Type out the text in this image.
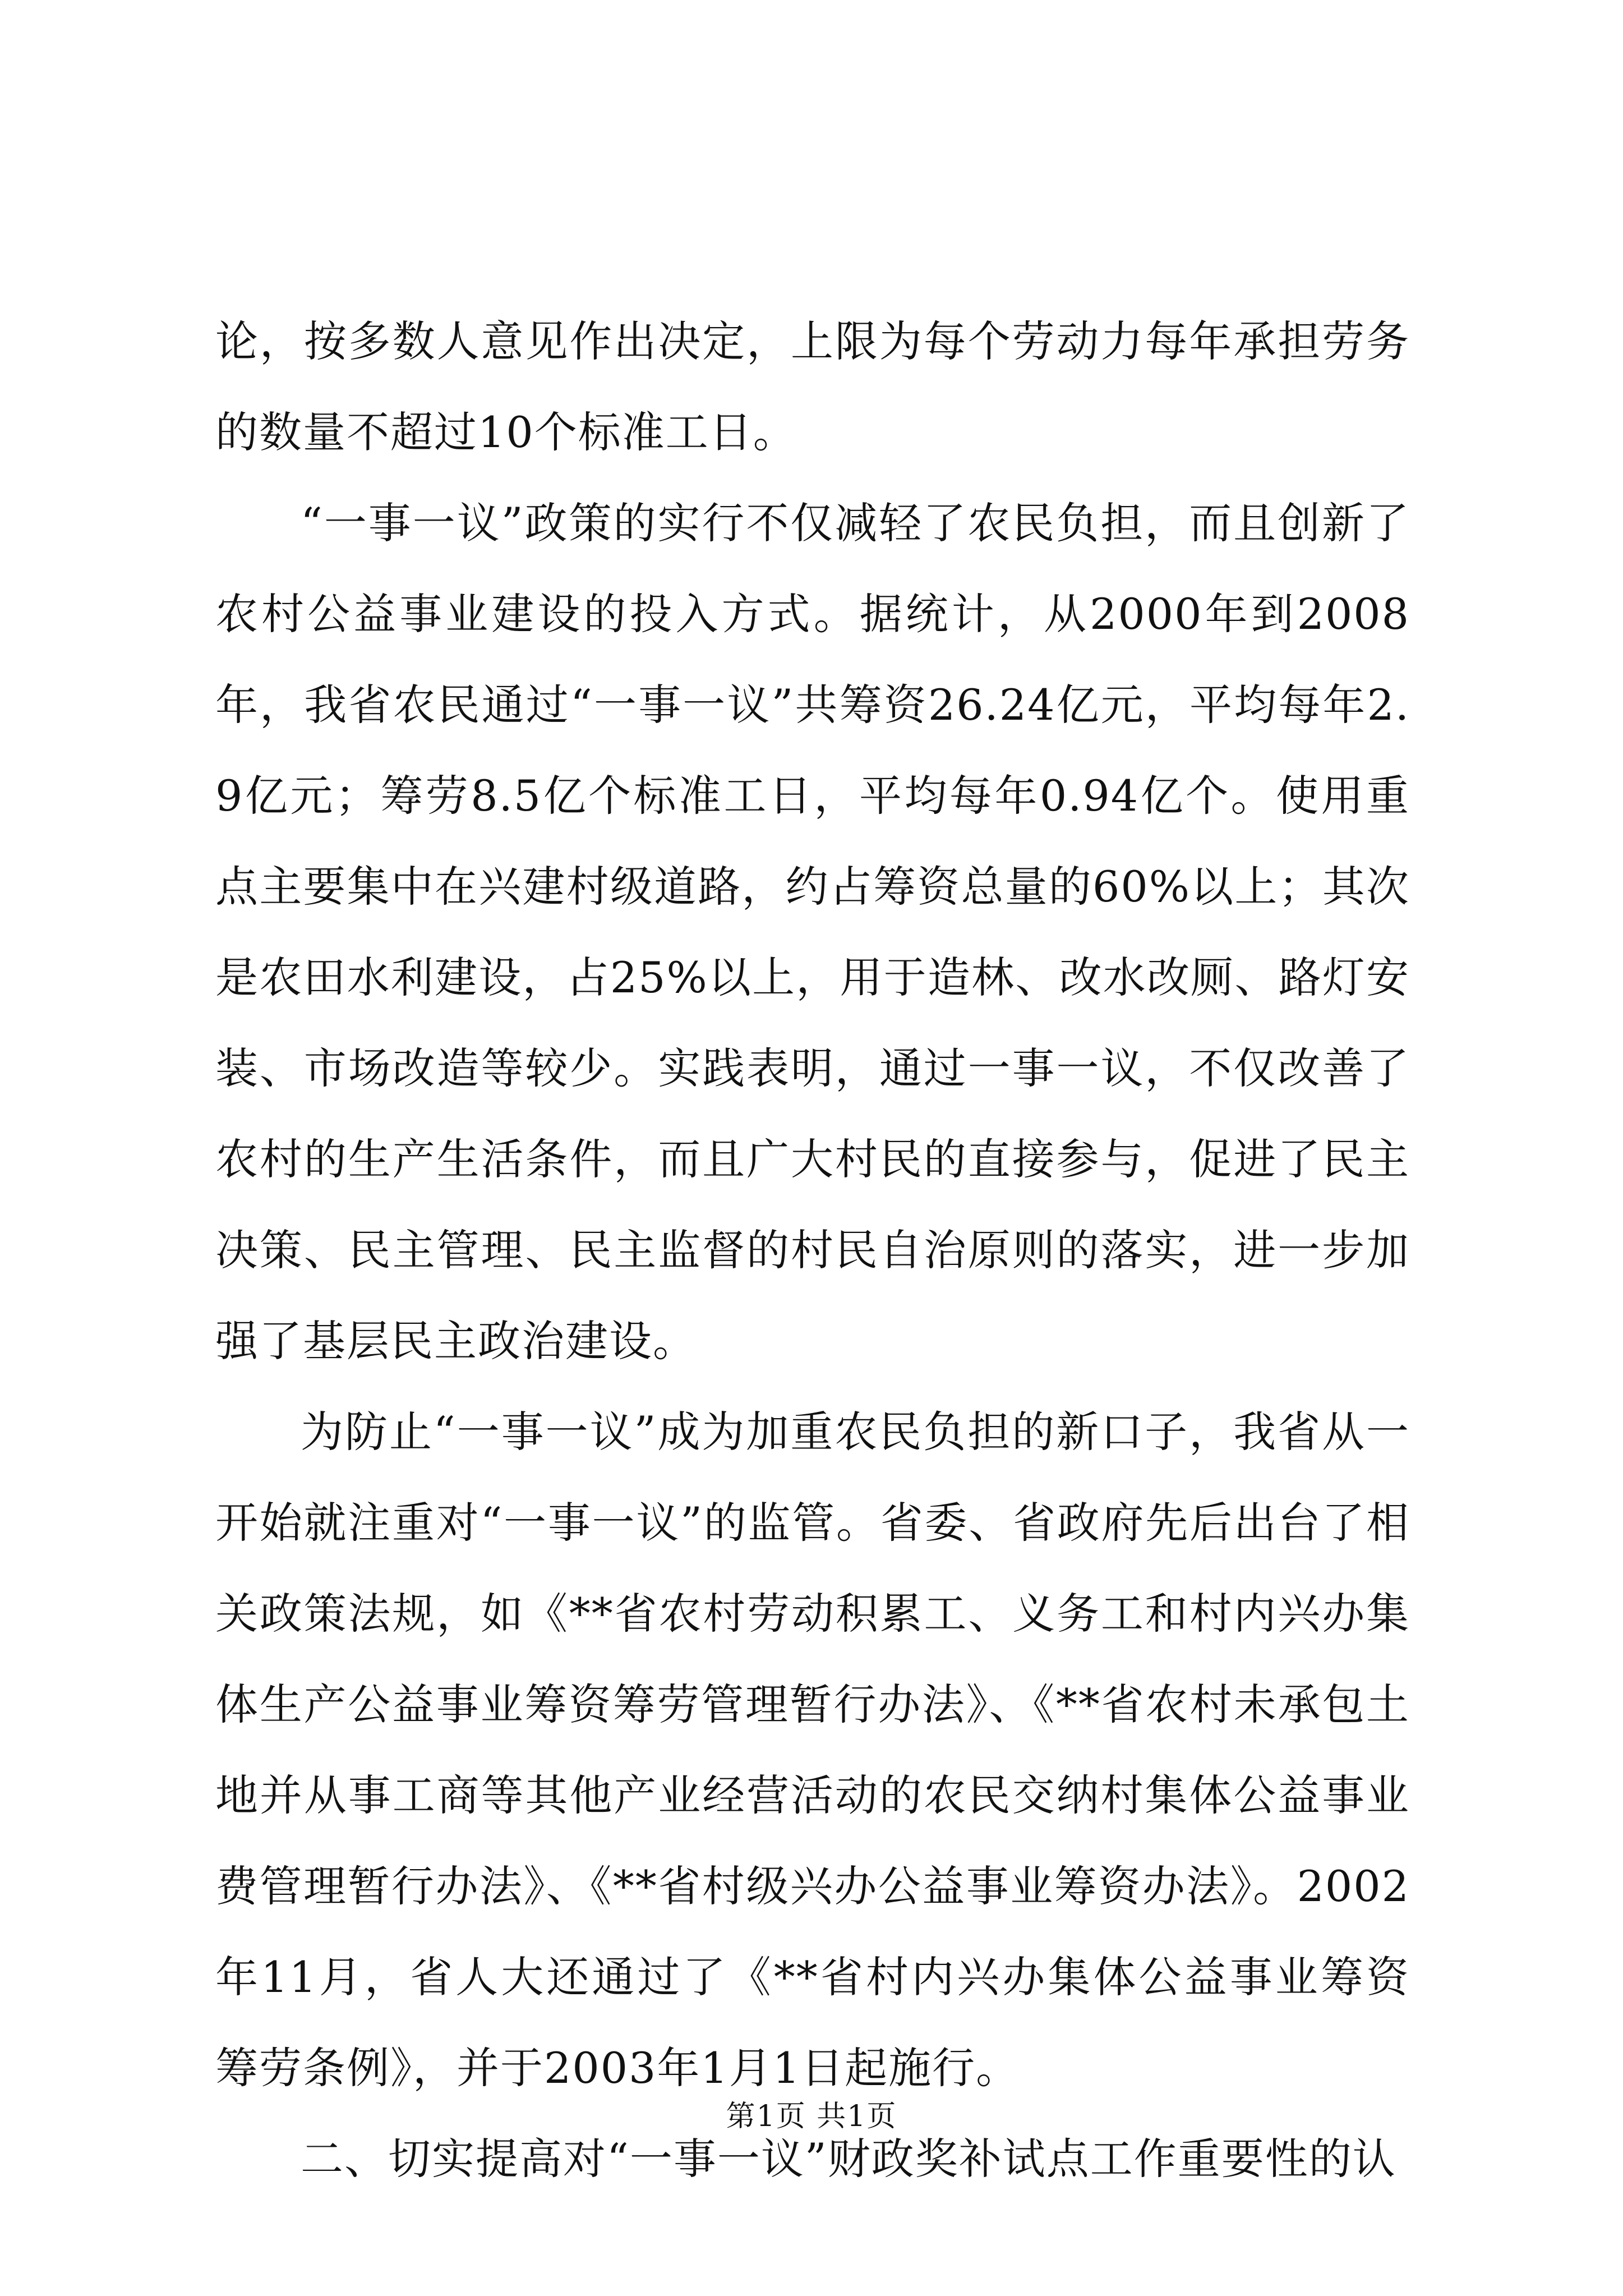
论，按多数人意见作出决定，上限为每个劳动力每年承担劳务的数量不超过10个标准工日。

“一事一议”政策的实行不仅减轻了农民负担，而且创新了农村公益事业建设的投入方式。据统计，从2000年到2008年，我省农民通过“一事一议”共筹资26.24亿元，平均每年2.9亿元；筹劳8.5亿个标准工日，平均每年0.94亿个。使用重点主要集中在兴建村级道路，约占筹资总量的60%以上；其次是农田水利建设，占25%以上，用于造林、改水改厕、路灯安装、市场改造等较少。实践表明，通过一事一议，不仅改善了农村的生产生活条件，而且广大村民的直接参与，促进了民主决策、民主管理、民主监督的村民自治原则的落实，进一步加强了基层民主政治建设。

为防止“一事一议”成为加重农民负担的新口子，我省从一开始就注重对“一事一议”的监管。省委、省政府先后出台了相关政策法规，如《**省农村劳动积累工、义务工和村内兴办集体生产公益事业筹资筹劳管理暂行办法》、《**省农村未承包土地并从事工商等其他产业经营活动的农民交纳村集体公益事业费管理暂行办法》、《**省村级兴办公益事业筹资办法》。2002年11月，省人大还通过了《**省村内兴办集体公益事业筹资筹劳条例》，并于2003年1月1日起施行。

二、切实提高对“一事一议”财政奖补试点工作重要性的认

第1页 共1页
